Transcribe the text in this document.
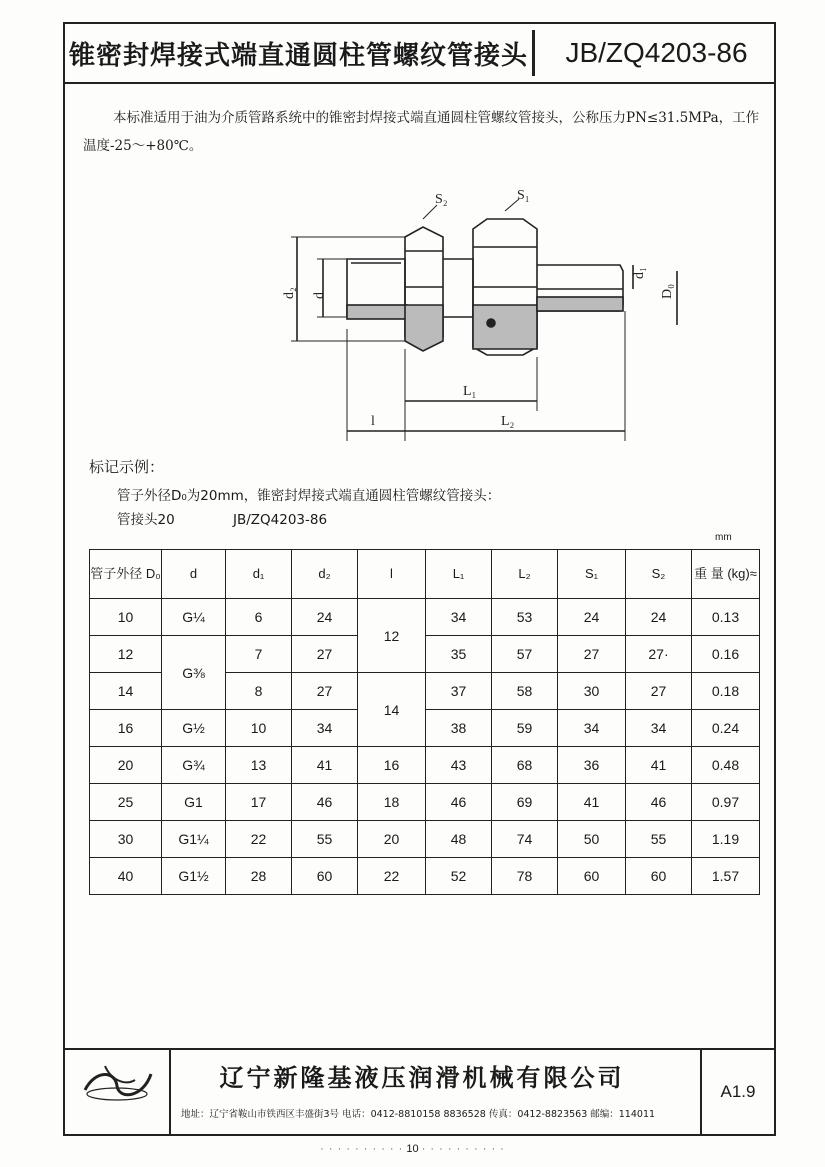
锥密封焊接式端直通圆柱管螺纹管接头	JB/ZQ4203-86
本标准适用于油为介质管路系统中的锥密封焊接式端直通圆柱管螺纹管接头，公称压力PN≤31.5MPa，工作温度-25～+80℃。
S₂	S₁
d₂ d
d₁
D₀
L₁
l	L₂
标记示例：
管子外径D₀为20mm，锥密封焊接式端直通圆柱管螺纹管接头：
管接头20	JB/ZQ4203-86
mm
管子外径 D₀	d	d₁	d₂	l	L₁	L₂	S₁	S₂	重 量 (kg)≈
10	G¼	6	24	12	34	53	24	24	0.13
12	G⅜	7	27		35	57	27	27·	0.16
14		8	27	14	37	58	30	27	0.18
16	G½	10	34		38	59	34	34	0.24
20	G¾	13	41	16	43	68	36	41	0.48
25	G1	17	46	18	46	69	41	46	0.97
30	G1¼	22	55	20	48	74	50	55	1.19
40	G1½	28	60	22	52	78	60	60	1.57

辽宁新隆基液压润滑机械有限公司
地址：辽宁省鞍山市铁西区丰盛街3号 电话：0412-8810158 8836528 传真：0412-8823563 邮编：114011
A1.9
· · · · · · · · · · 10 · · · · · · · · · ·
